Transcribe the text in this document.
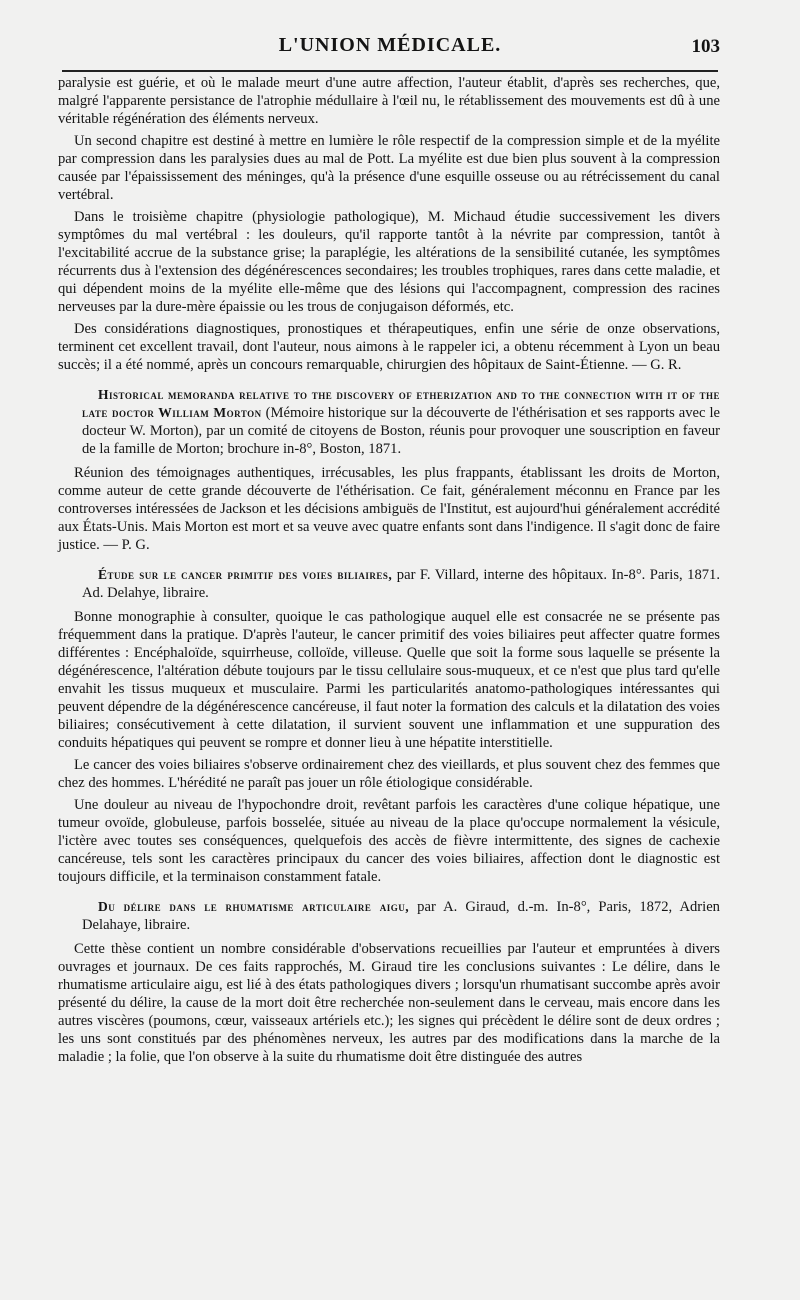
L'UNION MÉDICALE.	103

paralysie est guérie, et où le malade meurt d'une autre affection, l'auteur établit, d'après ses recherches, que, malgré l'apparente persistance de l'atrophie médullaire à l'œil nu, le rétablissement des mouvements est dû à une véritable régénération des éléments nerveux.

Un second chapitre est destiné à mettre en lumière le rôle respectif de la compression simple et de la myélite par compression dans les paralysies dues au mal de Pott. La myélite est due bien plus souvent à la compression causée par l'épaississement des méninges, qu'à la présence d'une esquille osseuse ou au rétrécissement du canal vertébral.

Dans le troisième chapitre (physiologie pathologique), M. Michaud étudie successivement les divers symptômes du mal vertébral : les douleurs, qu'il rapporte tantôt à la névrite par compression, tantôt à l'excitabilité accrue de la substance grise; la paraplégie, les altérations de la sensibilité cutanée, les symptômes récurrents dus à l'extension des dégénérescences secondaires; les troubles trophiques, rares dans cette maladie, et qui dépendent moins de la myélite elle-même que des lésions qui l'accompagnent, compression des racines nerveuses par la dure-mère épaissie ou les trous de conjugaison déformés, etc.

Des considérations diagnostiques, pronostiques et thérapeutiques, enfin une série de onze observations, terminent cet excellent travail, dont l'auteur, nous aimons à le rappeler ici, a obtenu récemment à Lyon un beau succès; il a été nommé, après un concours remarquable, chirurgien des hôpitaux de Saint-Étienne. — G. R.

Historical memoranda relative to the discovery of etherization and to the connection with it of the late doctor William Morton (Mémoire historique sur la découverte de l'éthérisation et ses rapports avec le docteur W. Morton), par un comité de citoyens de Boston, réunis pour provoquer une souscription en faveur de la famille de Morton; brochure in-8°, Boston, 1871.

Réunion des témoignages authentiques, irrécusables, les plus frappants, établissant les droits de Morton, comme auteur de cette grande découverte de l'éthérisation. Ce fait, généralement méconnu en France par les controverses intéressées de Jackson et les décisions ambiguës de l'Institut, est aujourd'hui généralement accrédité aux États-Unis. Mais Morton est mort et sa veuve avec quatre enfants sont dans l'indigence. Il s'agit donc de faire justice. — P. G.

Étude sur le cancer primitif des voies biliaires, par F. Villard, interne des hôpitaux. In-8°. Paris, 1871. Ad. Delahye, libraire.

Bonne monographie à consulter, quoique le cas pathologique auquel elle est consacrée ne se présente pas fréquemment dans la pratique. D'après l'auteur, le cancer primitif des voies biliaires peut affecter quatre formes différentes : Encéphaloïde, squirrheuse, colloïde, villeuse. Quelle que soit la forme sous laquelle se présente la dégénérescence, l'altération débute toujours par le tissu cellulaire sous-muqueux, et ce n'est que plus tard qu'elle envahit les tissus muqueux et musculaire. Parmi les particularités anatomo-pathologiques intéressantes qui peuvent dépendre de la dégénérescence cancéreuse, il faut noter la formation des calculs et la dilatation des voies biliaires; consécutivement à cette dilatation, il survient souvent une inflammation et une suppuration des conduits hépatiques qui peuvent se rompre et donner lieu à une hépatite interstitielle.

Le cancer des voies biliaires s'observe ordinairement chez des vieillards, et plus souvent chez des femmes que chez des hommes. L'hérédité ne paraît pas jouer un rôle étiologique considérable.

Une douleur au niveau de l'hypochondre droit, revêtant parfois les caractères d'une colique hépatique, une tumeur ovoïde, globuleuse, parfois bosselée, située au niveau de la place qu'occupe normalement la vésicule, l'ictère avec toutes ses conséquences, quelquefois des accès de fièvre intermittente, des signes de cachexie cancéreuse, tels sont les caractères principaux du cancer des voies biliaires, affection dont le diagnostic est toujours difficile, et la terminaison constamment fatale.

Du délire dans le rhumatisme articulaire aigu, par A. Giraud, d.-m. In-8°, Paris, 1872, Adrien Delahaye, libraire.

Cette thèse contient un nombre considérable d'observations recueillies par l'auteur et empruntées à divers ouvrages et journaux. De ces faits rapprochés, M. Giraud tire les conclusions suivantes : Le délire, dans le rhumatisme articulaire aigu, est lié à des états pathologiques divers ; lorsqu'un rhumatisant succombe après avoir présenté du délire, la cause de la mort doit être recherchée non-seulement dans le cerveau, mais encore dans les autres viscères (poumons, cœur, vaisseaux artériels etc.); les signes qui précèdent le délire sont de deux ordres ; les uns sont constitués par des phénomènes nerveux, les autres par des modifications dans la marche de la maladie ; la folie, que l'on observe à la suite du rhumatisme doit être distinguée des autres
